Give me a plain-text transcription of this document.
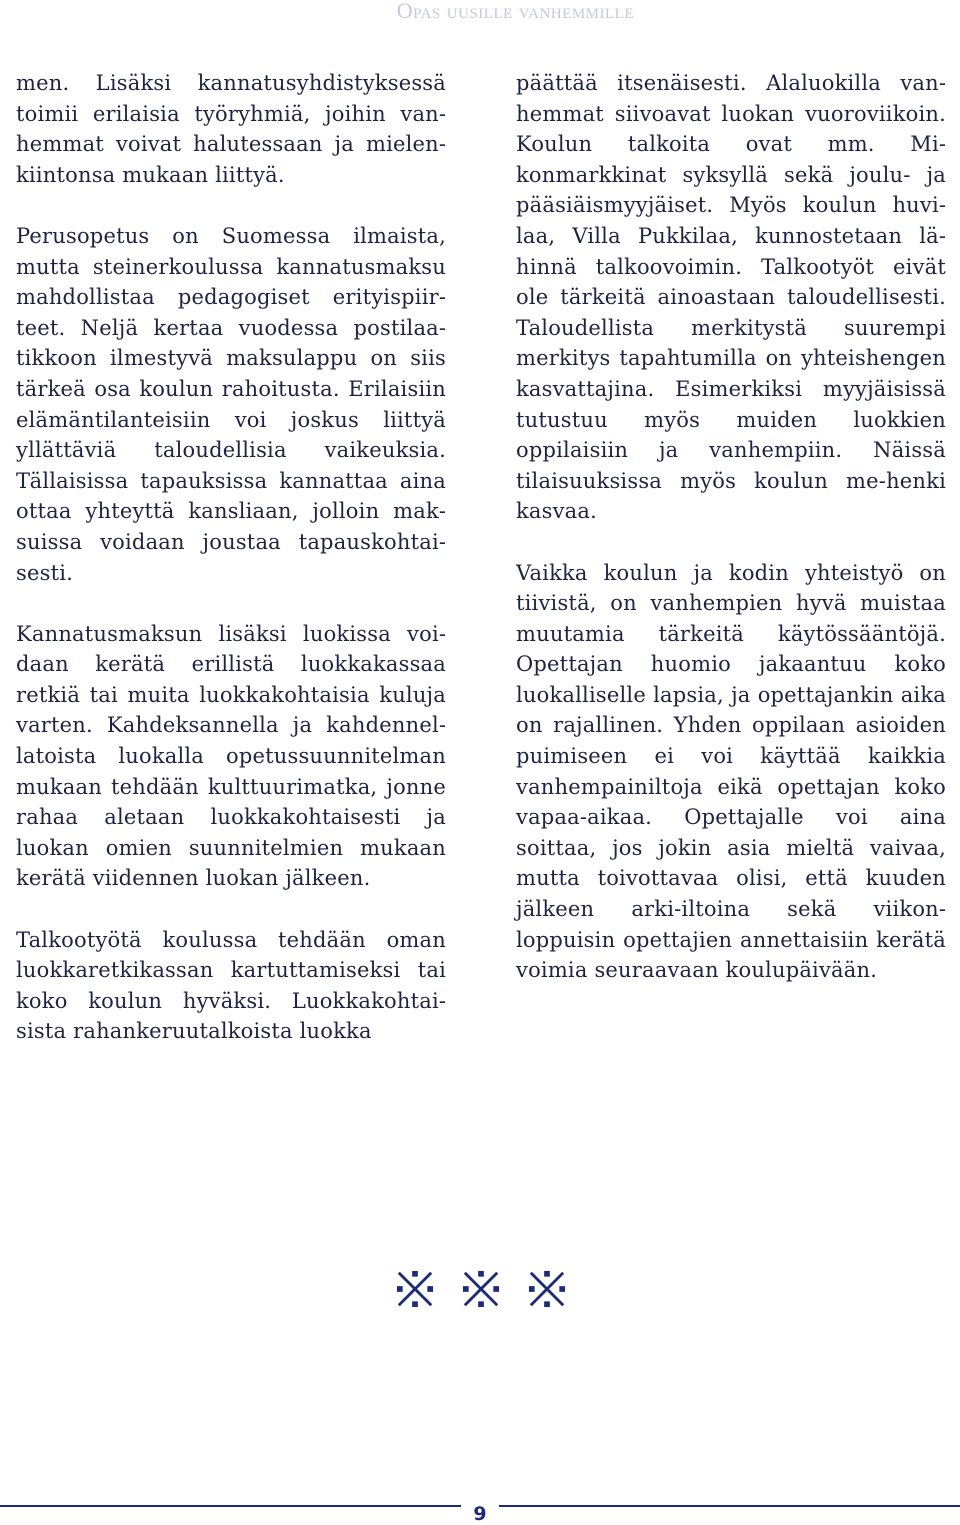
Opas uusille vanhemmille

men. Lisäksi kannatusyhdistyksessä toimii erilaisia työryhmiä, joihin vanhemmat voivat halutessaan ja mielenkiintonsa mukaan liittyä.

Perusopetus on Suomessa ilmaista, mutta steinerkoulussa kannatusmaksu mahdollistaa pedagogiset erityispiirteet. Neljä kertaa vuodessa postilaatikkoon ilmestyvä maksulappu on siis tärkeä osa koulun rahoitusta. Erilaisiin elämäntilanteisiin voi joskus liittyä yllättäviä taloudellisia vaikeuksia. Tällaisissa tapauksissa kannattaa aina ottaa yhteyttä kansliaan, jolloin maksuissa voidaan joustaa tapauskohtaisesti.

Kannatusmaksun lisäksi luokissa voidaan kerätä erillistä luokkakassaa retkiä tai muita luokkakohtaisia kuluja varten. Kahdeksannella ja kahdennellatoista luokalla opetussuunnitelman mukaan tehdään kulttuurimatka, jonne rahaa aletaan luokkakohtaisesti ja luokan omien suunnitelmien mukaan kerätä viidennen luokan jälkeen.

Talkootyötä koulussa tehdään oman luokkaretkikassan kartuttamiseksi tai koko koulun hyväksi. Luokkakohtaisista rahankeruutalkoista luokka

päättää itsenäisesti. Alaluokilla vanhemmat siivoavat luokan vuoroviikoin. Koulun talkoita ovat mm. Mikonmarkkinat syksyllä sekä joulu- ja pääsiäismyyjäiset. Myös koulun huvilaa, Villa Pukkilaa, kunnostetaan lähinnä talkoovoimin. Talkootyöt eivät ole tärkeitä ainoastaan taloudellisesti. Taloudellista merkitystä suurempi merkitys tapahtumilla on yhteishengen kasvattajina. Esimerkiksi myyjäisissä tutustuu myös muiden luokkien oppilaisiin ja vanhempiin. Näissä tilaisuuksissa myös koulun me-henki kasvaa.

Vaikka koulun ja kodin yhteistyö on tiivistä, on vanhempien hyvä muistaa muutamia tärkeitä käytössääntöjä. Opettajan huomio jakaantuu koko luokalliselle lapsia, ja opettajankin aika on rajallinen. Yhden oppilaan asioiden puimiseen ei voi käyttää kaikkia vanhempainiltoja eikä opettajan koko vapaa-aikaa. Opettajalle voi aina soittaa, jos jokin asia mieltä vaivaa, mutta toivottavaa olisi, että kuuden jälkeen arki-iltoina sekä viikonloppuisin opettajien annettaisiin kerätä voimia seuraavaan koulupäivään.

9
